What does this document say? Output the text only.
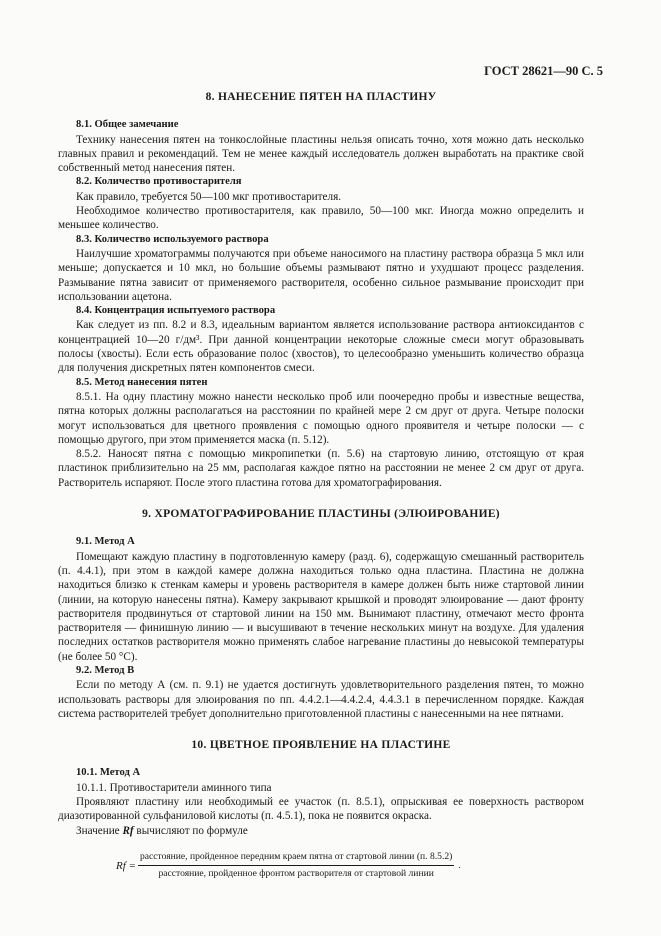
ГОСТ 28621—90 С. 5
8. НАНЕСЕНИЕ ПЯТЕН НА ПЛАСТИНУ
8.1. Общее замечание

Технику нанесения пятен на тонкослойные пластины нельзя описать точно, хотя можно дать несколько главных правил и рекомендаций. Тем не менее каждый исследователь должен выработать на практике свой собственный метод нанесения пятен.

8.2. Количество противостарителя

Как правило, требуется 50—100 мкг противостарителя.

Необходимое количество противостарителя, как правило, 50—100 мкг. Иногда можно определить и меньшее количество.

8.3. Количество используемого раствора

Наилучшие хроматограммы получаются при объеме наносимого на пластину раствора образца 5 мкл или меньше; допускается и 10 мкл, но большие объемы размывают пятно и ухудшают процесс разделения. Размывание пятна зависит от применяемого растворителя, особенно сильное размывание происходит при использовании ацетона.

8.4. Концентрация испытуемого раствора

Как следует из пп. 8.2 и 8.3, идеальным вариантом является использование раствора антиоксидантов с концентрацией 10—20 г/дм³. При данной концентрации некоторые сложные смеси могут образовывать полосы (хвосты). Если есть образование полос (хвостов), то целесообразно уменьшить количество образца для получения дискретных пятен компонентов смеси.

8.5. Метод нанесения пятен

8.5.1. На одну пластину можно нанести несколько проб или поочередно пробы и известные вещества, пятна которых должны располагаться на расстоянии по крайней мере 2 см друг от друга. Четыре полоски могут использоваться для цветного проявления с помощью одного проявителя и четыре полоски — с помощью другого, при этом применяется маска (п. 5.12).

8.5.2. Наносят пятна с помощью микропипетки (п. 5.6) на стартовую линию, отстоящую от края пластинок приблизительно на 25 мм, располагая каждое пятно на расстоянии не менее 2 см друг от друга. Растворитель испаряют. После этого пластина готова для хроматографирования.

9. ХРОМАТОГРАФИРОВАНИЕ ПЛАСТИНЫ (ЭЛЮИРОВАНИЕ)
9.1. Метод А

Помещают каждую пластину в подготовленную камеру (разд. 6), содержащую смешанный растворитель (п. 4.4.1), при этом в каждой камере должна находиться только одна пластина. Пластина не должна находиться близко к стенкам камеры и уровень растворителя в камере должен быть ниже стартовой линии (линии, на которую нанесены пятна). Камеру закрывают крышкой и проводят элюирование — дают фронту растворителя продвинуться от стартовой линии на 150 мм. Вынимают пластину, отмечают место фронта растворителя — финишную линию — и высушивают в течение нескольких минут на воздухе. Для удаления последних остатков растворителя можно применять слабое нагревание пластины до невысокой температуры (не более 50 °С).

9.2. Метод В

Если по методу А (см. п. 9.1) не удается достигнуть удовлетворительного разделения пятен, то можно использовать растворы для элюирования по пп. 4.4.2.1—4.4.2.4, 4.4.3.1 в перечисленном порядке. Каждая система растворителей требует дополнительно приготовленной пластины с нанесенными на нее пятнами.

10. ЦВЕТНОЕ ПРОЯВЛЕНИЕ НА ПЛАСТИНЕ
10.1. Метод А

10.1.1. Противостарители аминного типа

Проявляют пластину или необходимый ее участок (п. 8.5.1), опрыскивая ее поверхность раствором диазотированной сульфаниловой кислоты (п. 4.5.1), пока не появится окраска.

Значение Rf вычисляют по формуле

Rf =
расстояние, пройденное передним краем пятна от стартовой линии (п. 8.5.2)
расстояние, пройденное фронтом растворителя от стартовой линии
.
